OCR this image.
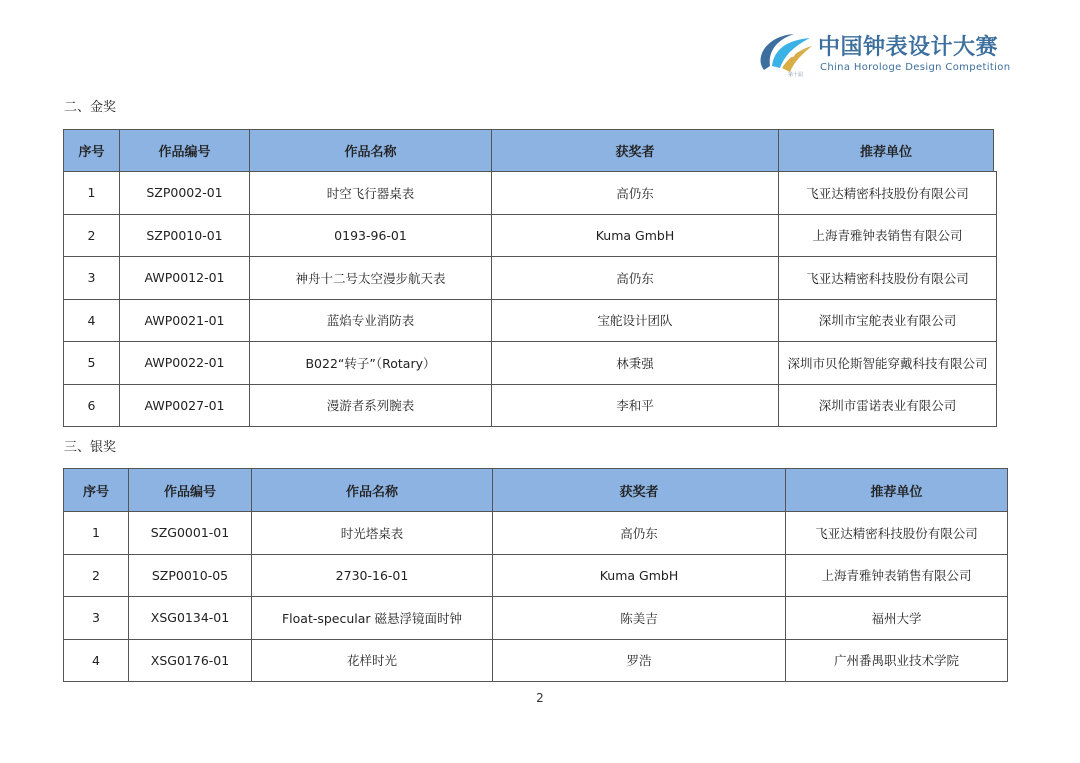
第十届
中国钟表设计大赛
China Horologe Design Competition
二、金奖
序号	作品编号	作品名称	获奖者	推荐单位
1	SZP0002-01	时空飞行器桌表	高仍东	飞亚达精密科技股份有限公司
2	SZP0010-01	0193-96-01	Kuma GmbH	上海青雅钟表销售有限公司
3	AWP0012-01	神舟十二号太空漫步航天表	高仍东	飞亚达精密科技股份有限公司
4	AWP0021-01	蓝焰专业消防表	宝舵设计团队	深圳市宝舵表业有限公司
5	AWP0022-01	B022“转子”（Rotary）	林秉强	深圳市贝伦斯智能穿戴科技有限公司
6	AWP0027-01	漫游者系列腕表	李和平	深圳市雷诺表业有限公司
三、银奖
序号	作品编号	作品名称	获奖者	推荐单位
1	SZG0001-01	时光塔桌表	高仍东	飞亚达精密科技股份有限公司
2	SZP0010-05	2730-16-01	Kuma GmbH	上海青雅钟表销售有限公司
3	XSG0134-01	Float-specular 磁悬浮镜面时钟	陈美吉	福州大学
4	XSG0176-01	花样时光	罗浩	广州番禺职业技术学院
2
